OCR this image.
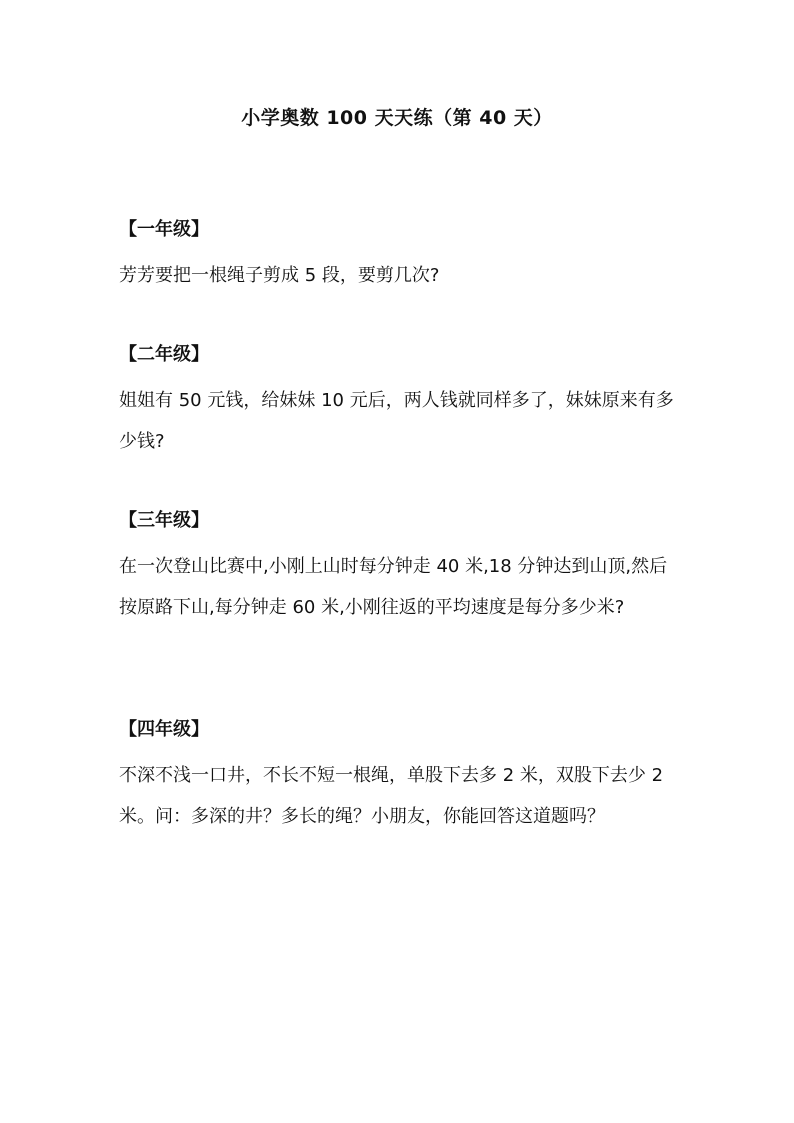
小学奥数 100 天天练（第 40 天）

【一年级】

芳芳要把一根绳子剪成 5 段，要剪几次?

【二年级】

姐姐有 50 元钱，给妹妹 10 元后，两人钱就同样多了，妹妹原来有多少钱?

【三年级】

在一次登山比赛中,小刚上山时每分钟走 40 米,18 分钟达到山顶,然后按原路下山,每分钟走 60 米,小刚往返的平均速度是每分多少米?

【四年级】

不深不浅一口井，不长不短一根绳，单股下去多 2 米，双股下去少 2 米。问：多深的井？多长的绳？小朋友，你能回答这道题吗？
